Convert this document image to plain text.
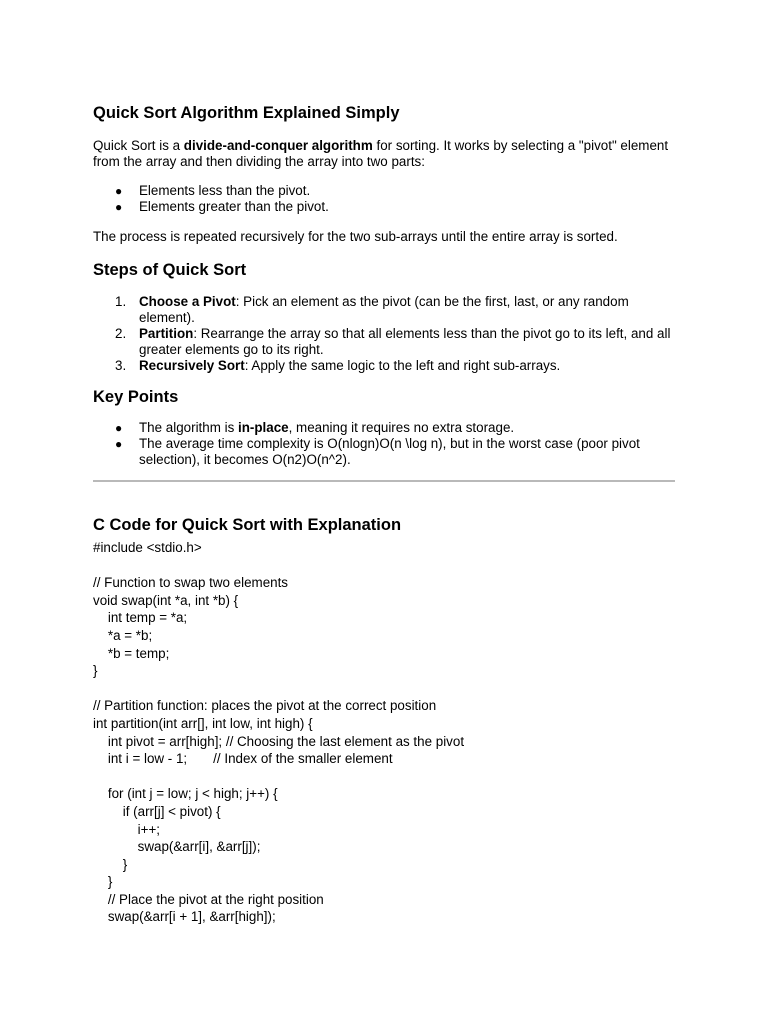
Quick Sort Algorithm Explained Simply
Quick Sort is a divide-and-conquer algorithm for sorting. It works by selecting a "pivot" element from the array and then dividing the array into two parts:
● Elements less than the pivot.
● Elements greater than the pivot.
The process is repeated recursively for the two sub-arrays until the entire array is sorted.
Steps of Quick Sort
1. Choose a Pivot: Pick an element as the pivot (can be the first, last, or any random element).
2. Partition: Rearrange the array so that all elements less than the pivot go to its left, and all greater elements go to its right.
3. Recursively Sort: Apply the same logic to the left and right sub-arrays.
Key Points
● The algorithm is in-place, meaning it requires no extra storage.
● The average time complexity is O(nlogn)O(n \log n), but in the worst case (poor pivot selection), it becomes O(n2)O(n^2).
C Code for Quick Sort with Explanation
#include <stdio.h>
// Function to swap two elements
void swap(int *a, int *b) {
int temp = *a;
*a = *b;
*b = temp;
}
// Partition function: places the pivot at the correct position
int partition(int arr[], int low, int high) {
int pivot = arr[high]; // Choosing the last element as the pivot
int i = low - 1;       // Index of the smaller element
for (int j = low; j < high; j++) {
if (arr[j] < pivot) {
i++;
swap(&arr[i], &arr[j]);
}
}
// Place the pivot at the right position
swap(&arr[i + 1], &arr[high]);
